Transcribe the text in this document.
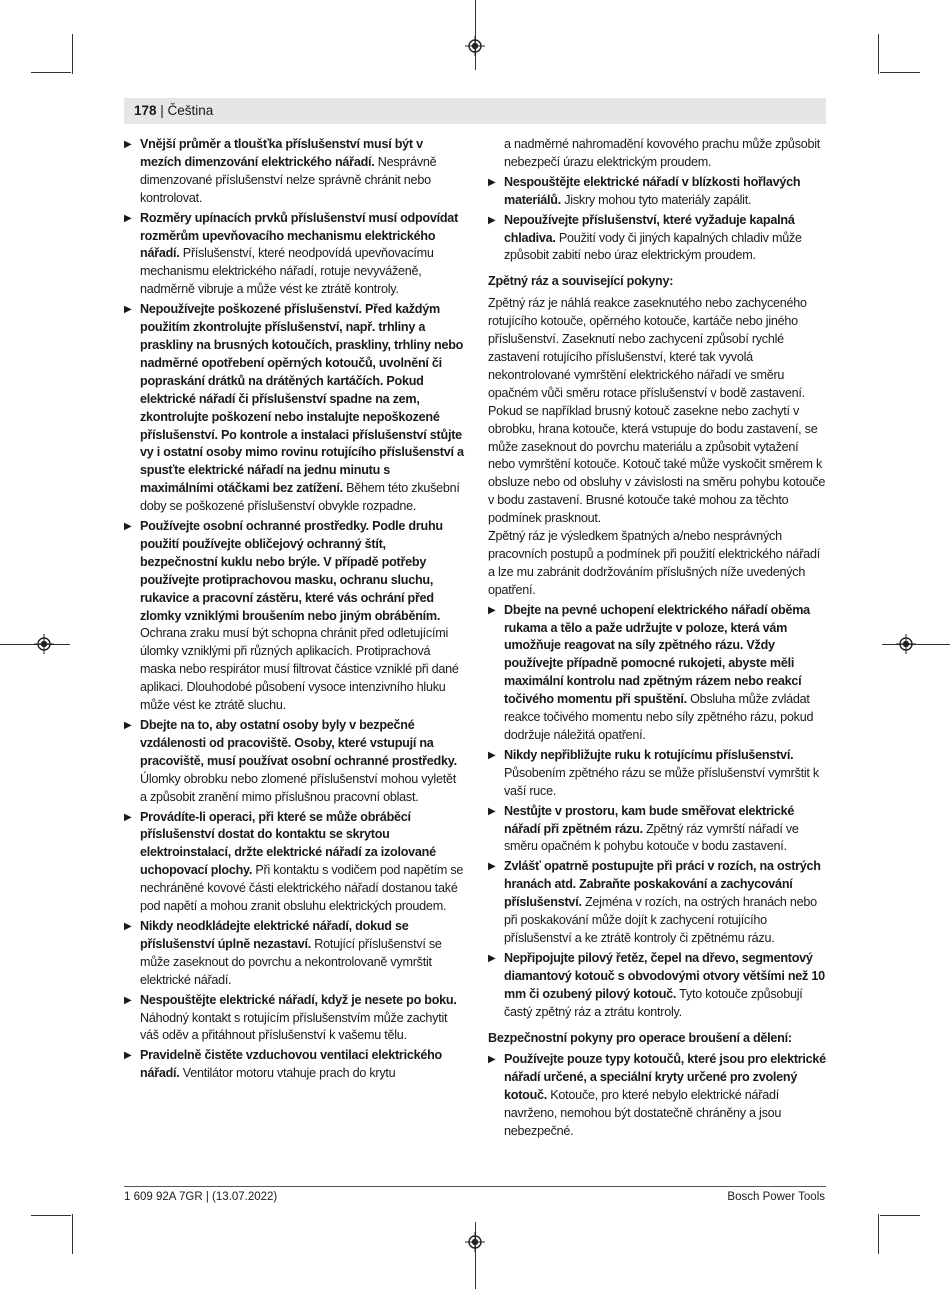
178 | Čeština
▶ Vnější průměr a tloušťka příslušenství musí být v mezích dimenzování elektrického nářadí. Nesprávně dimenzované příslušenství nelze správně chránit nebo kontrolovat.
▶ Rozměry upínacích prvků příslušenství musí odpovídat rozměrům upevňovacího mechanismu elektrického nářadí. Příslušenství, které neodpovídá upevňovacímu mechanismu elektrického nářadí, rotuje nevyváženě, nadměrně vibruje a může vést ke ztrátě kontroly.
▶ Nepoužívejte poškozené příslušenství. Před každým použitím zkontrolujte příslušenství, např. trhliny a praskliny na brusných kotoučích, praskliny, trhliny nebo nadměrné opotřebení opěrných kotoučů, uvolnění či popraskání drátků na drátěných kartáčích. Pokud elektrické nářadí či příslušenství spadne na zem, zkontrolujte poškození nebo instalujte nepoškozené příslušenství. Po kontrole a instalaci příslušenství stůjte vy i ostatní osoby mimo rovinu rotujícího příslušenství a spusťte elektrické nářadí na jednu minutu s maximálními otáčkami bez zatížení. Během této zkušební doby se poškozené příslušenství obvykle rozpadne.
▶ Používejte osobní ochranné prostředky. Podle druhu použití používejte obličejový ochranný štít, bezpečnostní kuklu nebo brýle. V případě potřeby používejte protiprachovou masku, ochranu sluchu, rukavice a pracovní zástěru, které vás ochrání před zlomky vzniklými broušením nebo jiným obráběním. Ochrana zraku musí být schopna chránit před odletujícími úlomky vzniklými při různých aplikacích. Protiprachová maska nebo respirátor musí filtrovat částice vzniklé při dané aplikaci. Dlouhodobé působení vysoce intenzivního hluku může vést ke ztrátě sluchu.
▶ Dbejte na to, aby ostatní osoby byly v bezpečné vzdálenosti od pracoviště. Osoby, které vstupují na pracoviště, musí používat osobní ochranné prostředky. Úlomky obrobku nebo zlomené příslušenství mohou vyletět a způsobit zranění mimo příslušnou pracovní oblast.
▶ Provádíte-li operaci, při které se může obráběcí příslušenství dostat do kontaktu se skrytou elektroinstalací, držte elektrické nářadí za izolované uchopovací plochy. Při kontaktu s vodičem pod napětím se nechráněné kovové části elektrického nářadí dostanou také pod napětí a mohou zranit obsluhu elektrických proudem.
▶ Nikdy neodkládejte elektrické nářadí, dokud se příslušenství úplně nezastaví. Rotující příslušenství se může zaseknout do povrchu a nekontrolovaně vymrštit elektrické nářadí.
▶ Nespouštějte elektrické nářadí, když je nesete po boku. Náhodný kontakt s rotujícím příslušenstvím může zachytit váš oděv a přitáhnout příslušenství k vašemu tělu.
▶ Pravidelně čistěte vzduchovou ventilaci elektrického nářadí. Ventilátor motoru vtahuje prach do krytu
a nadměrné nahromadění kovového prachu může způsobit nebezpečí úrazu elektrickým proudem.
▶ Nespouštějte elektrické nářadí v blízkosti hořlavých materiálů. Jiskry mohou tyto materiály zapálit.
▶ Nepoužívejte příslušenství, které vyžaduje kapalná chladiva. Použití vody či jiných kapalných chladiv může způsobit zabití nebo úraz elektrickým proudem.
Zpětný ráz a související pokyny:

Zpětný ráz je náhlá reakce zaseknutého nebo zachyceného rotujícího kotouče, opěrného kotouče, kartáče nebo jiného příslušenství. Zaseknutí nebo zachycení způsobí rychlé zastavení rotujícího příslušenství, které tak vyvolá nekontrolované vymrštění elektrického nářadí ve směru opačném vůči směru rotace příslušenství v bodě zastavení. Pokud se například brusný kotouč zasekne nebo zachytí v obrobku, hrana kotouče, která vstupuje do bodu zastavení, se může zaseknout do povrchu materiálu a způsobit vytažení nebo vymrštění kotouče. Kotouč také může vyskočit směrem k obsluze nebo od obsluhy v závislosti na směru pohybu kotouče v bodu zastavení. Brusné kotouče také mohou za těchto podmínek prasknout.

Zpětný ráz je výsledkem špatných a/nebo nesprávných pracovních postupů a podmínek při použití elektrického nářadí a lze mu zabránit dodržováním příslušných níže uvedených opatření.

▶ Dbejte na pevné uchopení elektrického nářadí oběma rukama a tělo a paže udržujte v poloze, která vám umožňuje reagovat na síly zpětného rázu. Vždy používejte případně pomocné rukojeti, abyste měli maximální kontrolu nad zpětným rázem nebo reakcí točivého momentu při spuštění. Obsluha může zvládat reakce točivého momentu nebo síly zpětného rázu, pokud dodržuje náležitá opatření.
▶ Nikdy nepřibližujte ruku k rotujícímu příslušenství. Působením zpětného rázu se může příslušenství vymrštit k vaší ruce.
▶ Nestůjte v prostoru, kam bude směřovat elektrické nářadí při zpětném rázu. Zpětný ráz vymrští nářadí ve směru opačném k pohybu kotouče v bodu zastavení.
▶ Zvlášť opatrně postupujte při práci v rozích, na ostrých hranách atd. Zabraňte poskakování a zachycování příslušenství. Zejména v rozích, na ostrých hranách nebo při poskakování může dojít k zachycení rotujícího příslušenství a ke ztrátě kontroly či zpětnému rázu.
▶ Nepřipojujte pilový řetěz, čepel na dřevo, segmentový diamantový kotouč s obvodovými otvory většími než 10 mm či ozubený pilový kotouč. Tyto kotouče způsobují častý zpětný ráz a ztrátu kontroly.
Bezpečnostní pokyny pro operace broušení a dělení:
▶ Používejte pouze typy kotoučů, které jsou pro elektrické nářadí určené, a speciální kryty určené pro zvolený kotouč. Kotouče, pro které nebylo elektrické nářadí navrženo, nemohou být dostatečně chráněny a jsou nebezpečné.
1 609 92A 7GR | (13.07.2022)	Bosch Power Tools
